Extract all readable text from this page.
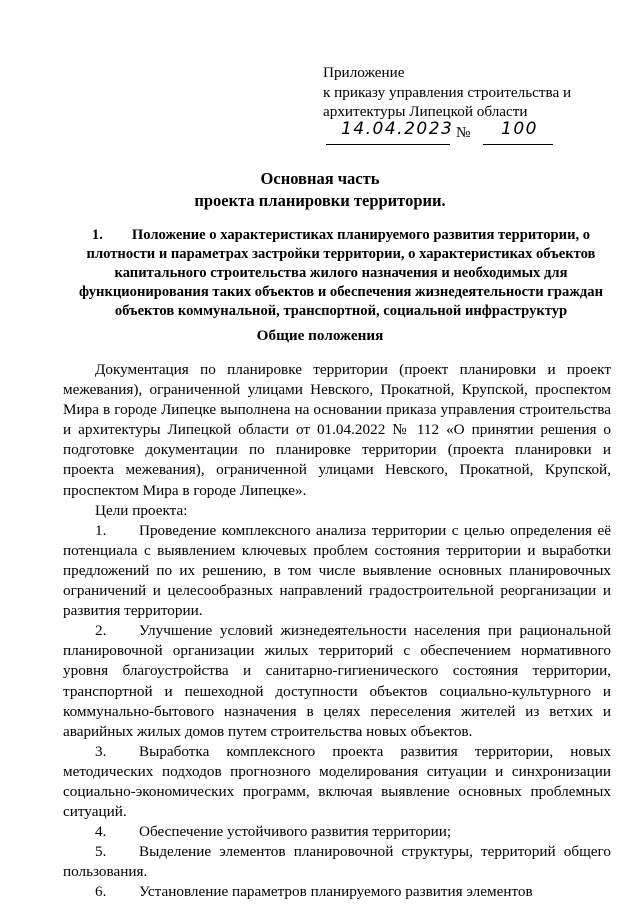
Приложение
к приказу управления строительства и
архитектуры Липецкой области
14.04.2023 № 100
Основная часть
проекта планировки территории.
1. Положение о характеристиках планируемого развития территории, о
плотности и параметрах застройки территории, о характеристиках объектов
капитального строительства жилого назначения и необходимых для
функционирования таких объектов и обеспечения жизнедеятельности граждан
объектов коммунальной, транспортной, социальной инфраструктур
Общие положения

Документация по планировке территории (проект планировки и проект межевания), ограниченной улицами Невского, Прокатной, Крупской, проспектом Мира в городе Липецке выполнена на основании приказа управления строительства и архитектуры Липецкой области от 01.04.2022 № 112 «О принятии решения о подготовке документации по планировке территории (проекта планировки и проекта межевания), ограниченной улицами Невского, Прокатной, Крупской, проспектом Мира в городе Липецке».

Цели проекта:

1. Проведение комплексного анализа территории с целью определения её потенциала с выявлением ключевых проблем состояния территории и выработки предложений по их решению, в том числе выявление основных планировочных ограничений и целесообразных направлений градостроительной реорганизации и развития территории.

2. Улучшение условий жизнедеятельности населения при рациональной планировочной организации жилых территорий с обеспечением нормативного уровня благоустройства и санитарно-гигиенического состояния территории, транспортной и пешеходной доступности объектов социально-культурного и коммунально-бытового назначения в целях переселения жителей из ветхих и аварийных жилых домов путем строительства новых объектов.

3. Выработка комплексного проекта развития территории, новых методических подходов прогнозного моделирования ситуации и синхронизации социально-экономических программ, включая выявление основных проблемных ситуаций.

4. Обеспечение устойчивого развития территории;

5. Выделение элементов планировочной структуры, территорий общего пользования.

6. Установление параметров планируемого развития элементов
